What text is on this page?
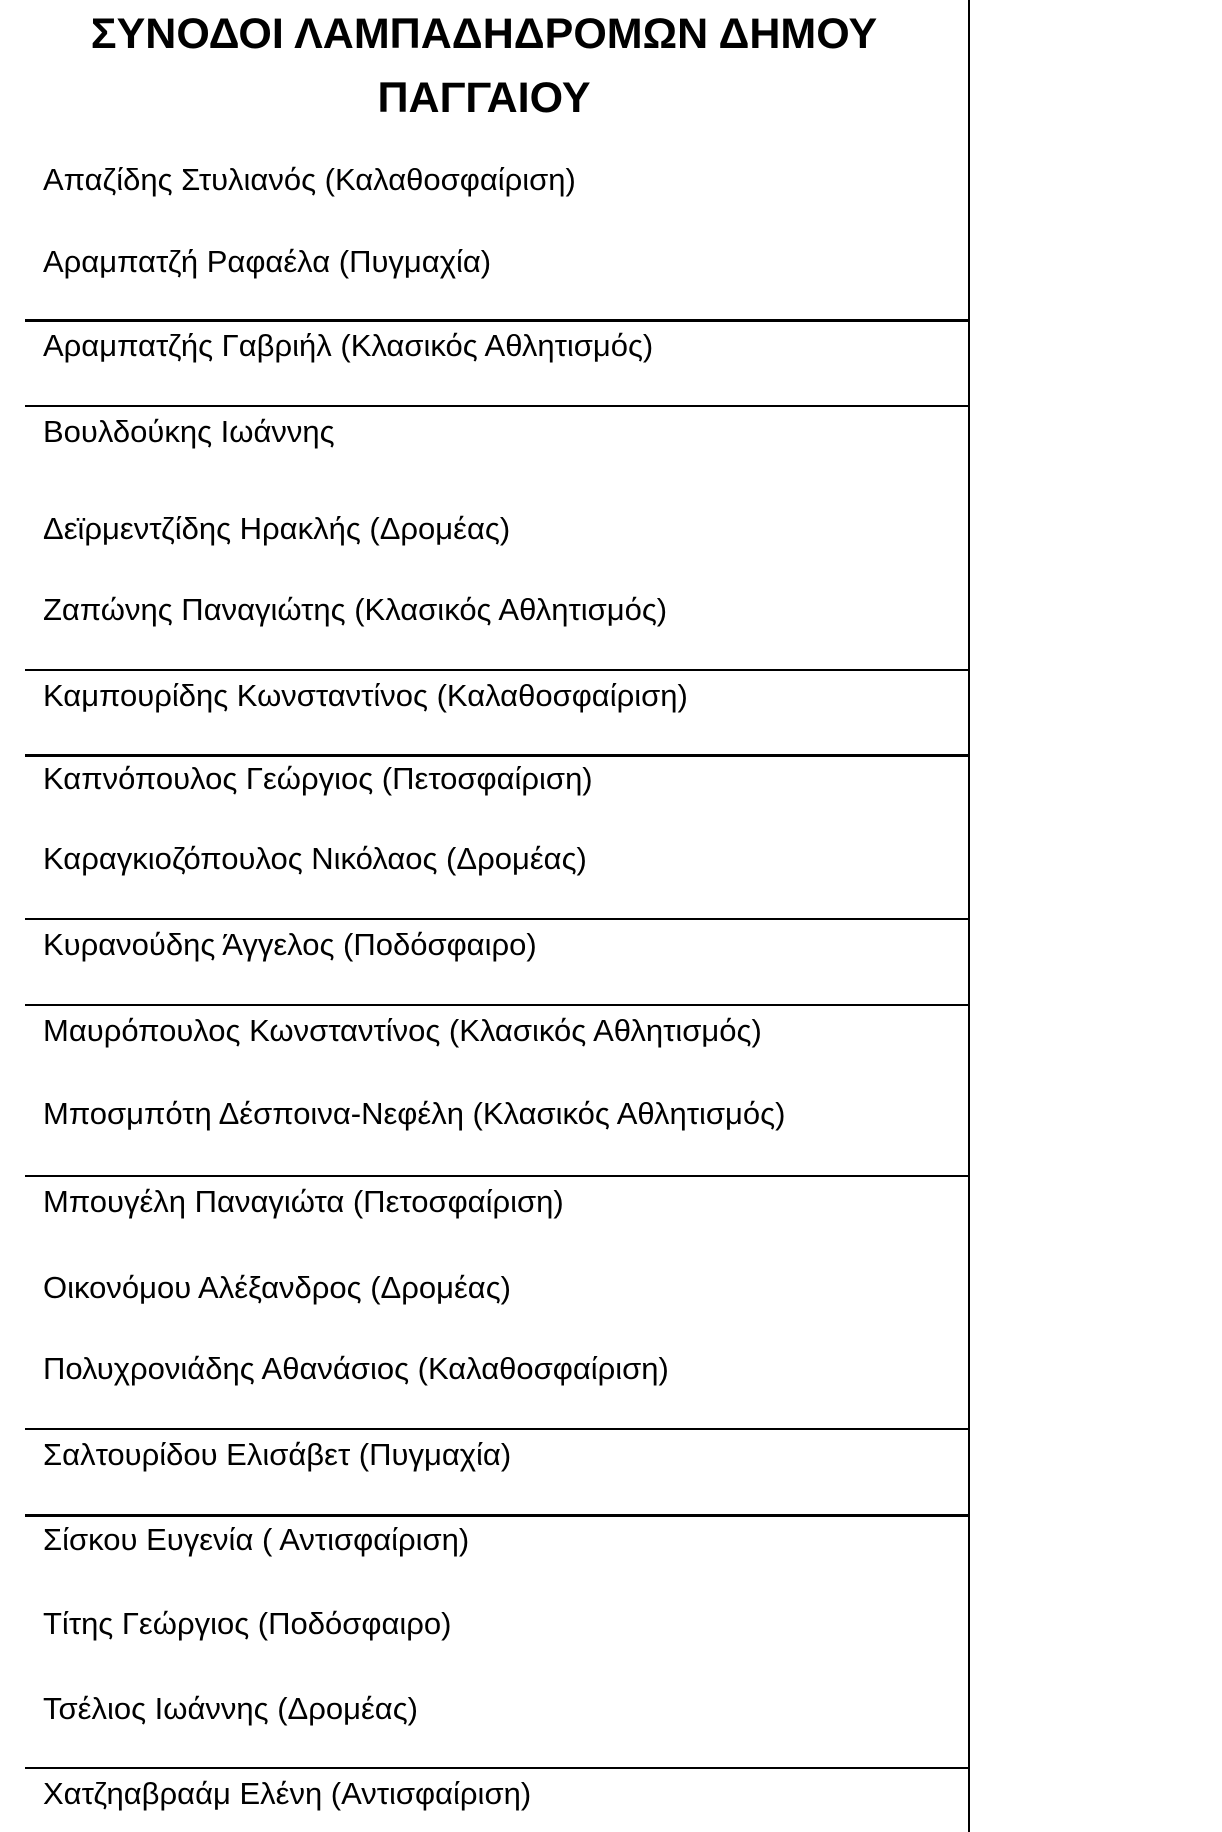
ΣΥΝΟΔΟΙ ΛΑΜΠΑΔΗΔΡΟΜΩΝ ΔΗΜΟΥ
ΠΑΓΓΑΙΟΥ
Απαζίδης Στυλιανός (Καλαθοσφαίριση)
Αραμπατζή Ραφαέλα (Πυγμαχία)
Αραμπατζής Γαβριήλ (Κλασικός Αθλητισμός)
Βουλδούκης Ιωάννης
Δεϊρμεντζίδης Ηρακλής (Δρομέας)
Ζαπώνης Παναγιώτης (Κλασικός Αθλητισμός)
Καμπουρίδης Κωνσταντίνος (Καλαθοσφαίριση)
Καπνόπουλος Γεώργιος (Πετοσφαίριση)
Καραγκιοζόπουλος Νικόλαος (Δρομέας)
Κυρανούδης Άγγελος (Ποδόσφαιρο)
Μαυρόπουλος Κωνσταντίνος (Κλασικός Αθλητισμός)
Μποσμπότη Δέσποινα-Νεφέλη (Κλασικός Αθλητισμός)
Μπουγέλη Παναγιώτα (Πετοσφαίριση)
Οικονόμου Αλέξανδρος (Δρομέας)
Πολυχρονιάδης Αθανάσιος (Καλαθοσφαίριση)
Σαλτουρίδου Ελισάβετ (Πυγμαχία)
Σίσκου Ευγενία ( Αντισφαίριση)
Τίτης Γεώργιος (Ποδόσφαιρο)
Τσέλιος Ιωάννης (Δρομέας)
Χατζηαβραάμ Ελένη (Αντισφαίριση)
